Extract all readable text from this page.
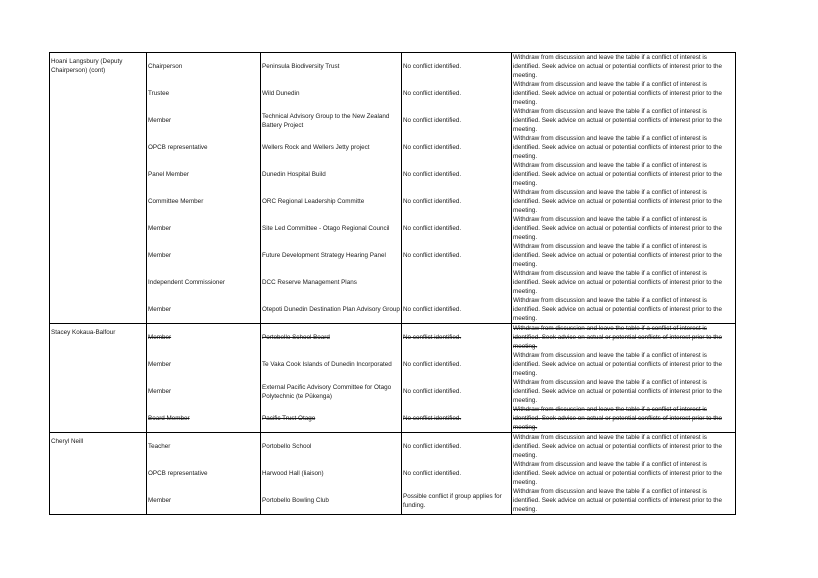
Hoani Langsbury (Deputy Chairperson) (cont)	Chairperson	Peninsula Biodiversity Trust	No conflict identified.	Withdraw from discussion and leave the table if a conflict of interest is identified. Seek advice on actual or potential conflicts of interest prior to the meeting.
	Trustee	Wild Dunedin	No conflict identified.	Withdraw from discussion and leave the table if a conflict of interest is identified. Seek advice on actual or potential conflicts of interest prior to the meeting.
	Member	Technical Advisory Group to the New Zealand Battery Project	No conflict identified.	Withdraw from discussion and leave the table if a conflict of interest is identified. Seek advice on actual or potential conflicts of interest prior to the meeting.
	OPCB representative	Wellers Rock and Wellers Jetty project	No conflict identified.	Withdraw from discussion and leave the table if a conflict of interest is identified. Seek advice on actual or potential conflicts of interest prior to the meeting.
	Panel Member	Dunedin Hospital Build	No conflict identified.	Withdraw from discussion and leave the table if a conflict of interest is identified. Seek advice on actual or potential conflicts of interest prior to the meeting.
	Committee Member	ORC Regional Leadership Committe	No conflict identified.	Withdraw from discussion and leave the table if a conflict of interest is identified. Seek advice on actual or potential conflicts of interest prior to the meeting.
	Member	Site Led Committee - Otago Regional Council	No conflict identified.	Withdraw from discussion and leave the table if a conflict of interest is identified. Seek advice on actual or potential conflicts of interest prior to the meeting.
	Member	Future Development Strategy Hearing Panel	No conflict identified.	Withdraw from discussion and leave the table if a conflict of interest is identified. Seek advice on actual or potential conflicts of interest prior to the meeting.
	Independent Commissioner	DCC Reserve Management Plans		Withdraw from discussion and leave the table if a conflict of interest is identified. Seek advice on actual or potential conflicts of interest prior to the meeting.
	Member	Otepoti Dunedin Destination Plan Advisory Group	No conflict identified.	Withdraw from discussion and leave the table if a conflict of interest is identified. Seek advice on actual or potential conflicts of interest prior to the meeting.
Stacey Kokaua-Balfour	Member	Portobello School Board	No conflict identified.	Withdraw from discussion and leave the table if a conflict of interest is identified. Seek advice on actual or potential conflicts of interest prior to the meeting.
	Member	Te Vaka Cook Islands of Dunedin Incorporated	No conflict identified.	Withdraw from discussion and leave the table if a conflict of interest is identified. Seek advice on actual or potential conflicts of interest prior to the meeting.
	Member	External Pacific Advisory Committee for Otago Polytechnic (te Pūkenga)	No conflict identified.	Withdraw from discussion and leave the table if a conflict of interest is identified. Seek advice on actual or potential conflicts of interest prior to the meeting.
	Board Member	Pacific Trust Otago	No conflict identified.	Withdraw from discussion and leave the table if a conflict of interest is identified. Seek advice on actual or potential conflicts of interest prior to the meeting.
Cheryl Neill	Teacher	Portobello School	No conflict identified.	Withdraw from discussion and leave the table if a conflict of interest is identified. Seek advice on actual or potential conflicts of interest prior to the meeting.
	OPCB representative	Harwood Hall (liaison)	No conflict identified.	Withdraw from discussion and leave the table if a conflict of interest is identified. Seek advice on actual or potential conflicts of interest prior to the meeting.
	Member	Portobello Bowling Club	Possible conflict if group applies for funding.	Withdraw from discussion and leave the table if a conflict of interest is identified. Seek advice on actual or potential conflicts of interest prior to the meeting.
